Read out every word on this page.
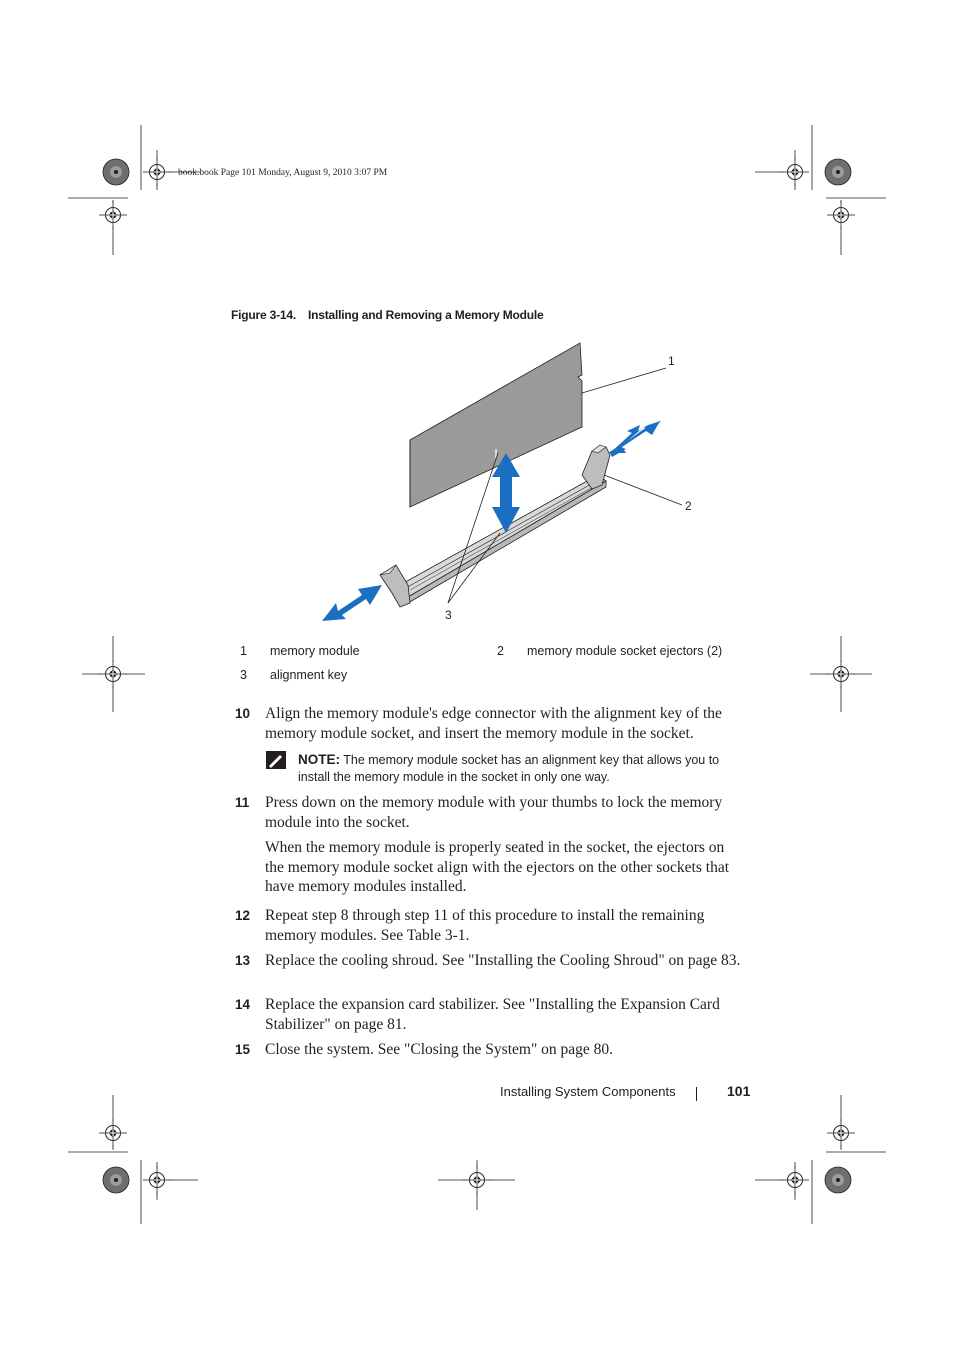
book.book Page 101 Monday, August 9, 2010 3:07 PM
Figure 3-14. Installing and Removing a Memory Module
1
2
3
1 memory module	2 memory module socket ejectors (2)
3 alignment key
10 Align the memory module's edge connector with the alignment key of the memory module socket, and insert the memory module in the socket.
NOTE: The memory module socket has an alignment key that allows you to install the memory module in the socket in only one way.
11 Press down on the memory module with your thumbs to lock the memory module into the socket.
When the memory module is properly seated in the socket, the ejectors on the memory module socket align with the ejectors on the other sockets that have memory modules installed.
12 Repeat step 8 through step 11 of this procedure to install the remaining memory modules. See Table 3-1.
13 Replace the cooling shroud. See "Installing the Cooling Shroud" on page 83.
14 Replace the expansion card stabilizer. See "Installing the Expansion Card Stabilizer" on page 81.
15 Close the system. See "Closing the System" on page 80.
Installing System Components	101
